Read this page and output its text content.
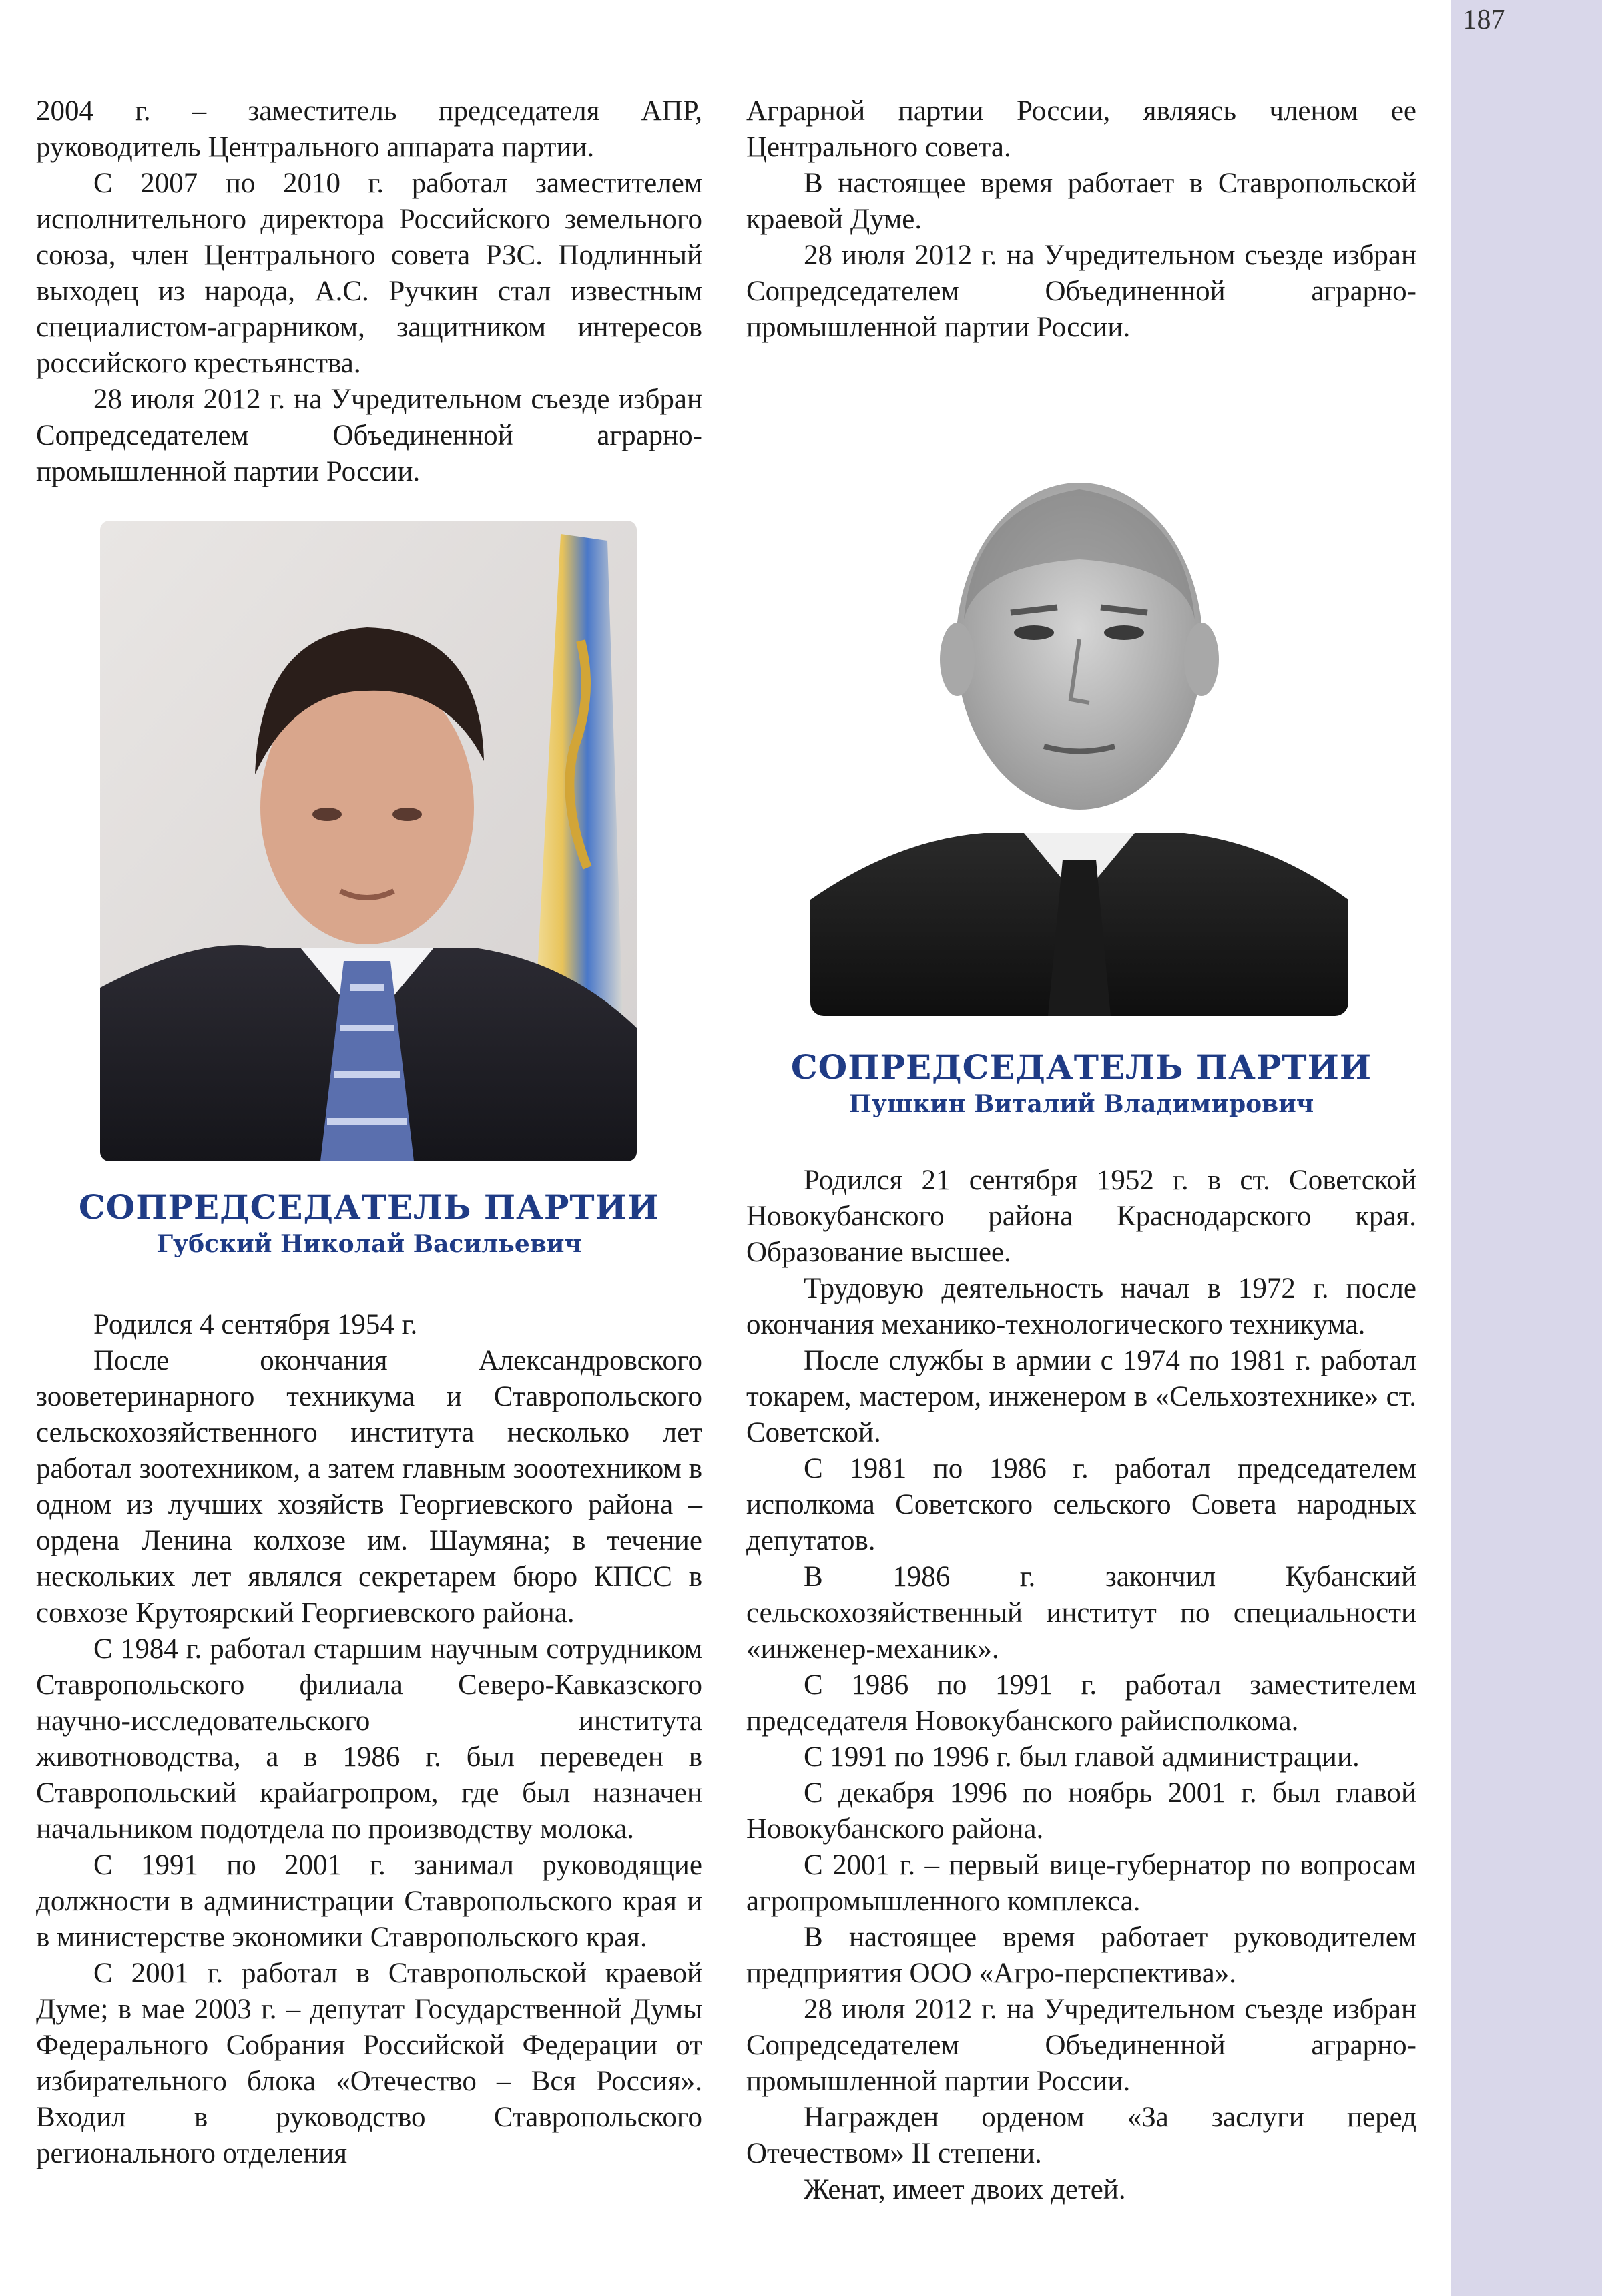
187

2004 г. – заместитель председателя АПР, руководитель Центрального аппарата партии.

С 2007 по 2010 г. работал заместителем исполнительного директора Российского земельного союза, член Центрального совета РЗС. Подлинный выходец из народа, А.С. Ручкин стал известным специалистом-аграрником, защитником интересов российского крестьянства.

28 июля 2012 г. на Учредительном съезде избран Сопредседателем Объединенной аграрно-промышленной партии России.

Аграрной партии России, являясь членом ее Центрального совета.

В настоящее время работает в Ставропольской краевой Думе.

28 июля 2012 г. на Учредительном съезде избран Сопредседателем Объединенной аграрно-промышленной партии России.

СОПРЕДСЕДАТЕЛЬ ПАРТИИ
Пушкин Виталий Владимирович
СОПРЕДСЕДАТЕЛЬ ПАРТИИ
Губский Николай Васильевич

Родился 4 сентября 1954 г.

После окончания Александровского зооветеринарного техникума и Ставропольского сельскохозяйственного института несколько лет работал зоотехником, а затем главным зооотехником в одном из лучших хозяйств Георгиевского района – ордена Ленина колхозе им. Шаумяна; в течение нескольких лет являлся секретарем бюро КПСС в совхозе Крутоярский Георгиевского района.

С 1984 г. работал старшим научным сотрудником Ставропольского филиала Северо-Кавказского научно-исследовательского института животноводства, а в 1986 г. был переведен в Ставропольский крайагропром, где был назначен начальником подотдела по производству молока.

С 1991 по 2001 г. занимал руководящие должности в администрации Ставропольского края и в министерстве экономики Ставропольского края.

С 2001 г. работал в Ставропольской краевой Думе; в мае 2003 г. – депутат Государственной Думы Федерального Собрания Российской Федерации от избирательного блока «Отечество – Вся Россия». Входил в руководство Ставропольского регионального отделения

Родился 21 сентября 1952 г. в ст. Советской Новокубанского района Краснодарского края. Образование высшее.

Трудовую деятельность начал в 1972 г. после окончания механико-технологического техникума.

После службы в армии с 1974 по 1981 г. работал токарем, мастером, инженером в «Сельхозтехнике» ст. Советской.

С 1981 по 1986 г. работал председателем исполкома Советского сельского Совета народных депутатов.

В 1986 г. закончил Кубанский сельскохозяйственный институт по специальности «инженер-механик».

С 1986 по 1991 г. работал заместителем председателя Новокубанского райисполкома.

С 1991 по 1996 г. был главой администрации.

С декабря 1996 по ноябрь 2001 г. был главой Новокубанского района.

С 2001 г. – первый вице-губернатор по вопросам агропромышленного комплекса.

В настоящее время работает руководителем предприятия ООО «Агро-перспектива».

28 июля 2012 г. на Учредительном съезде избран Сопредседателем Объединенной аграрно-промышленной партии России.

Награжден орденом «За заслуги перед Отечеством» II степени.

Женат, имеет двоих детей.
